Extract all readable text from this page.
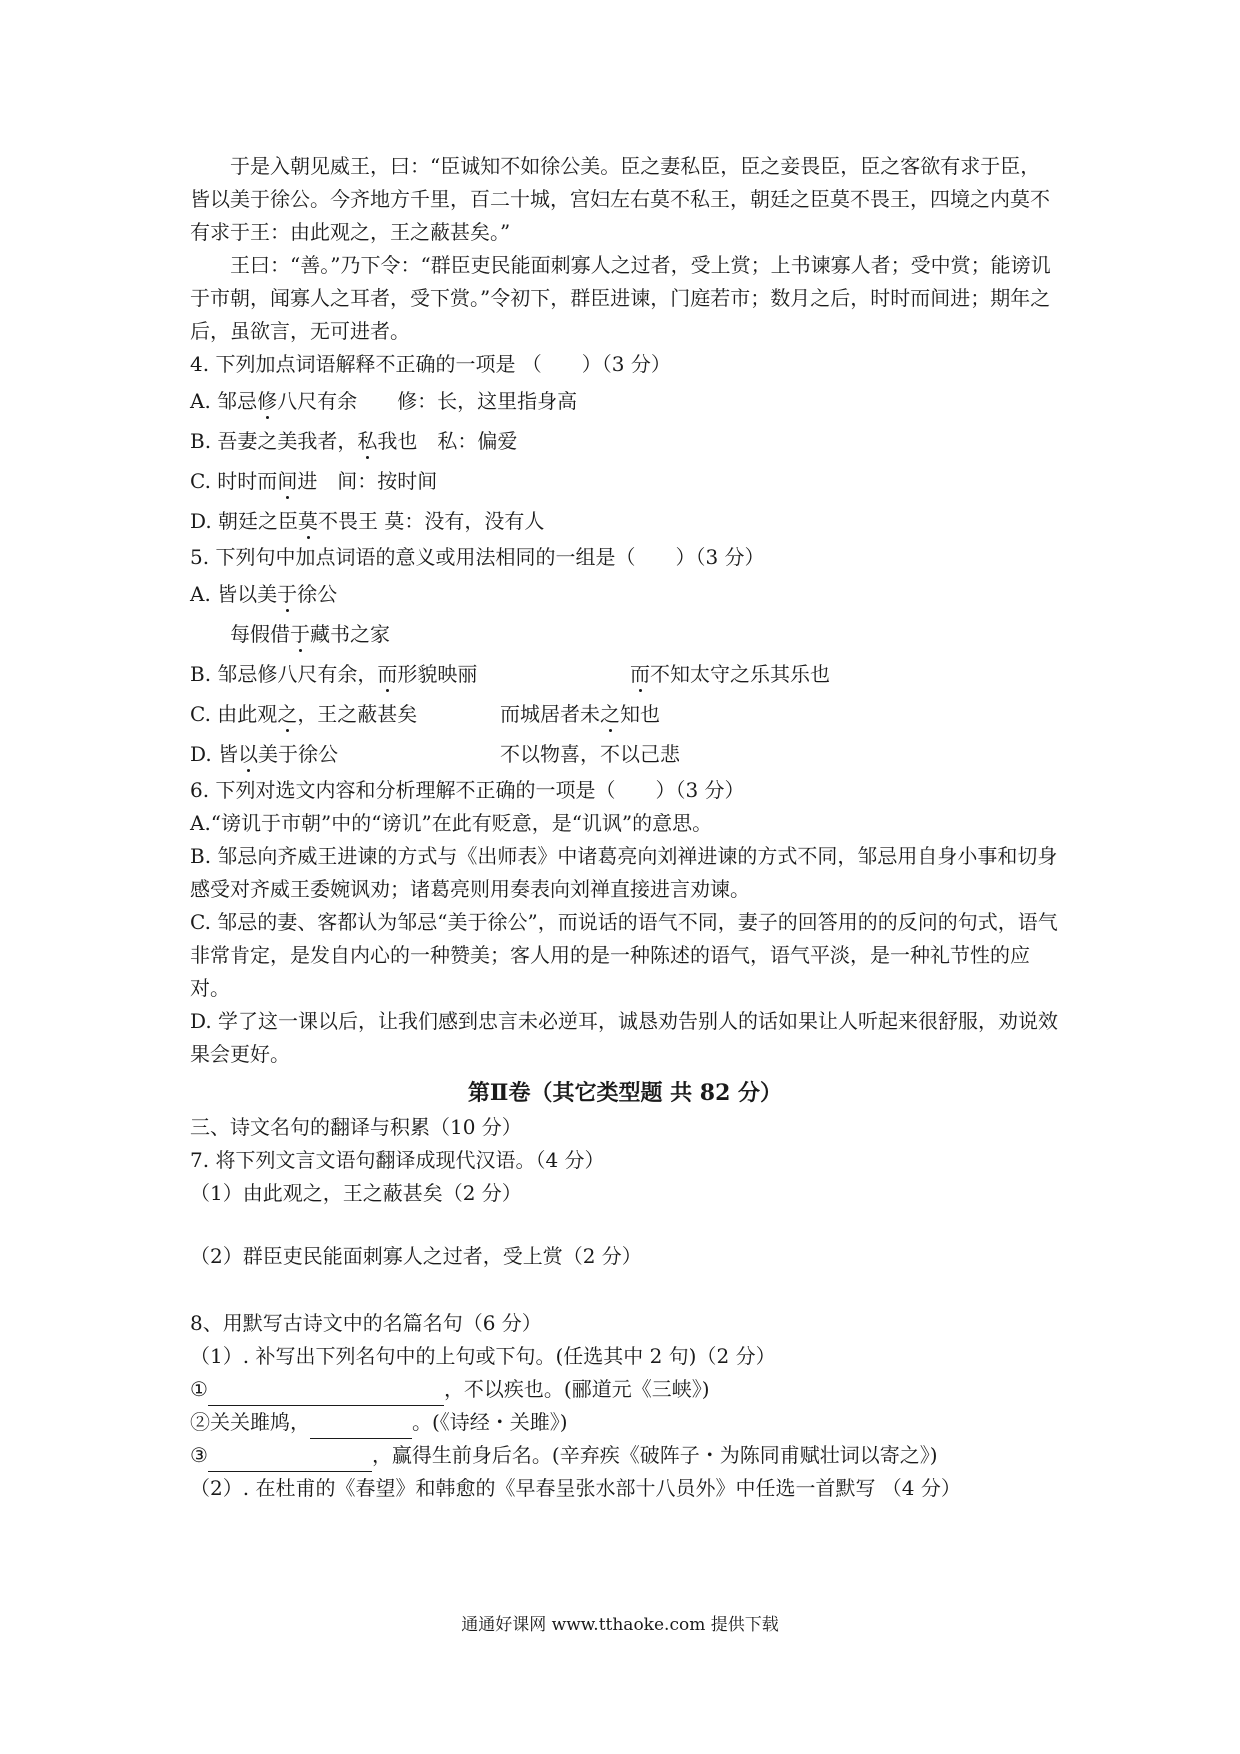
于是入朝见威王，曰：“臣诚知不如徐公美。臣之妻私臣，臣之妾畏臣，臣之客欲有求于臣，皆以美于徐公。今齐地方千里，百二十城，宫妇左右莫不私王，朝廷之臣莫不畏王，四境之内莫不有求于王：由此观之，王之蔽甚矣。”

王曰：“善。”乃下令：“群臣吏民能面刺寡人之过者，受上赏；上书谏寡人者；受中赏；能谤讥于市朝，闻寡人之耳者，受下赏。”令初下，群臣进谏，门庭若市；数月之后，时时而间进；期年之后，虽欲言，无可进者。

4. 下列加点词语解释不正确的一项是 （　　）（3 分）

A. 邹忌修八尺有余　　修：长，这里指身高

B. 吾妻之美我者，私我也　私：偏爱

C. 时时而间进　间：按时间

D. 朝廷之臣莫不畏王 莫：没有，没有人

5. 下列句中加点词语的意义或用法相同的一组是（　　）（3 分）

A. 皆以美于徐公

每假借于藏书之家

B. 邹忌修八尺有余，而形貌映丽	而不知太守之乐其乐也
C. 由此观之，王之蔽甚矣	而城居者未之知也
D. 皆以美于徐公	不以物喜，不以己悲

6. 下列对选文内容和分析理解不正确的一项是（　　）（3 分）

A.“谤讥于市朝”中的“谤讥”在此有贬意，是“讥讽”的意思。

B. 邹忌向齐威王进谏的方式与《出师表》中诸葛亮向刘禅进谏的方式不同，邹忌用自身小事和切身感受对齐威王委婉讽劝；诸葛亮则用奏表向刘禅直接进言劝谏。

C. 邹忌的妻、客都认为邹忌“美于徐公”，而说话的语气不同，妻子的回答用的的反问的句式，语气非常肯定，是发自内心的一种赞美；客人用的是一种陈述的语气，语气平淡，是一种礼节性的应对。

D. 学了这一课以后，让我们感到忠言未必逆耳，诚恳劝告别人的话如果让人听起来很舒服，劝说效果会更好。

第Ⅱ卷（其它类型题 共 82 分）

三、诗文名句的翻译与积累（10 分）

7. 将下列文言文语句翻译成现代汉语。（4 分）

（1）由此观之，王之蔽甚矣（2 分）

（2）群臣吏民能面刺寡人之过者，受上赏（2 分）

8、用默写古诗文中的名篇名句（6 分）

（1）. 补写出下列名句中的上句或下句。(任选其中 2 句)（2 分）

①	，不以疾也。(郦道元《三峡》)

②关关雎鸠，	。(《诗经・关雎》)

③	，赢得生前身后名。(辛弃疾《破阵子・为陈同甫赋壮词以寄之》)

（2）. 在杜甫的《春望》和韩愈的《早春呈张水部十八员外》中任选一首默写 （4 分）

通通好课网 www.tthaoke.com 提供下载
